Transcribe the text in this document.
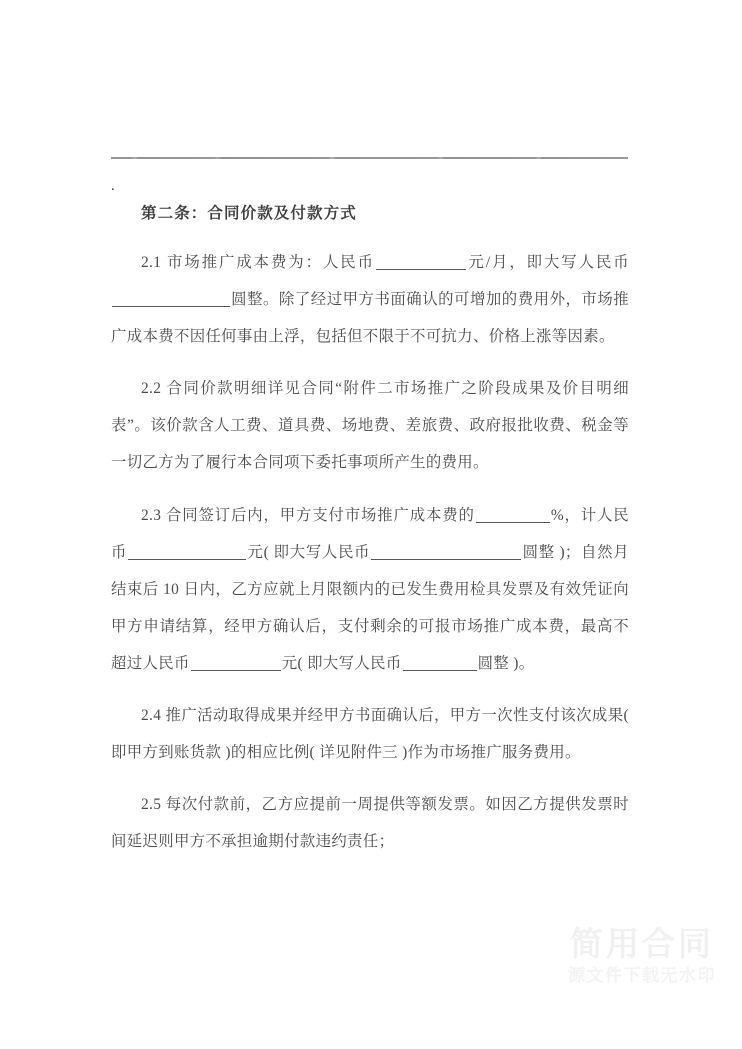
简用合同
源文件下载无水印
.
第二条：合同价款及付款方式

2.1 市场推广成本费为：人民币	元/月，即大写人民币圆整。除了经过甲方书面确认的可增加的费用外，市场推广成本费不因任何事由上浮，包括但不限于不可抗力、价格上涨等因素。

2.2 合同价款明细详见合同“附件二市场推广之阶段成果及价目明细表”。该价款含人工费、道具费、场地费、差旅费、政府报批收费、税金等一切乙方为了履行本合同项下委托事项所产生的费用。

2.3 合同签订后内，甲方支付市场推广成本费的	%，计人民币	元( 即大写人民币	圆整 )；自然月结束后 10 日内，乙方应就上月限额内的已发生费用检具发票及有效凭证向甲方申请结算，经甲方确认后，支付剩余的可报市场推广成本费，最高不超过人民币	元( 即大写人民币	圆整 )。

2.4 推广活动取得成果并经甲方书面确认后，甲方一次性支付该次成果( 即甲方到账货款 )的相应比例( 详见附件三 )作为市场推广服务费用。

2.5 每次付款前，乙方应提前一周提供等额发票。如因乙方提供发票时间延迟则甲方不承担逾期付款违约责任；
